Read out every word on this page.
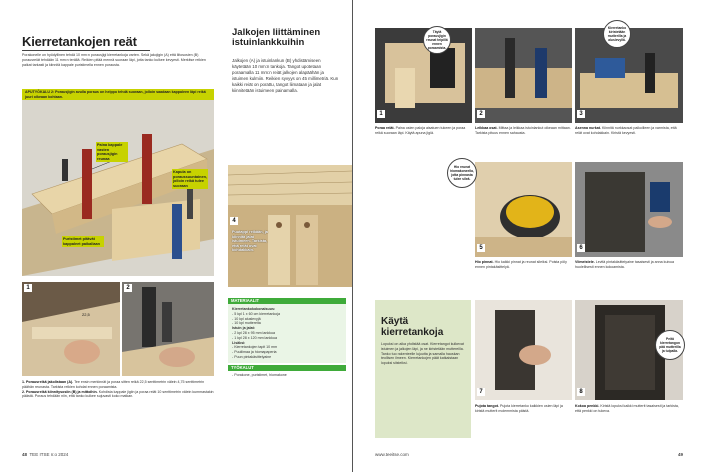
Kierretankojen reät
Porakonelle on hyödyllinen tehdä 10 mm:n porausjigi kierretankoja varten. Sekä jakojigin (A) että liitososien (B) porausreiät tehdään 11 mm:n terällä. Reikien pitää mennä suoraan läpi, jotta tanko kulkee kevyesti. Merkitse reikien paikat tarkasti ja kiinnitä kappale puristimella ennen porausta.
APUTYÖKALU 2: Porausjigin avulla poraus on helppo tehdä suoraan, jolloin saadaan kappaleen läpi reikä juuri oikeaan kohtaan.
Paina kappale vasten porausjigin reunaa
Kapula on poraussuuntainen, jolloin reikä tulee suoraan
Puristimet pitävät kappaleet paikallaan
1
22,5
2
1. Porausreikä jakolistaan (A). Tee ensin merkinnät ja poraa sitten reikä 22,5 senttimetrin välein 4,75 senttimetrin päähän reunasta. Tarkista reikien kohdat ennen poraamista.
2. Porausreikä kiinnitysosiin (B) ja mittoihin. Kohdista kappale jigiin ja poraa reiät 10 senttimetrin välein kummastakin päästä. Poraus tehdään niin, että tanko kulkee sujuvasti koko matkan.
Jalkojen liittäminen istuinlankkuihin
Jalkojen (A) ja istuinlankun (B) yhdistämiseen käytetään 10 mm:n tankoja. Tangot upotetaan poraamalla 11 mm:n reiät jalkojen alapäähän ja istuimen kulmiin. Reikien syvyys on 45 millimetriä. Kun kaikki reiät on porattu, tangot liimataan ja jalat kiinnitetään istuimeen painamalla.
4
Puutappi reikään, ja kiinnitä jalat istuimeen. Tarkista, että reiät ovat kohdakkain.
MATERIAALIT
Kierretankokokonaisuus:
- 5 kpl 1 x 60 cm kierretankoja
- 10 kpl aluslevyjä
- 10 kpl muttereita
Istuin ja jalat:
- 2 kpl 28 x 95 mm lankkua
- 1 kpl 28 x 120 mm lankkua
Lisäksi:
- Kierretankojen tapit 10 mm
- Puuliimaa ja hiomapaperia
- Puun pintakäsittelyaine
TYÖKALUT
- Porakone, puristimet, hiomakone
48 TEE ITSE n:o 2024
1	2	3
Täytä porausjigin reunat teipillä ennen poraamista.
Kierretanko kiristetään mutterilla ja aluslevyllä.
Poraa reiät. Paina osien paloja aisatuen tukeen ja poraa reikä suoraan läpi. Käytä apuna jigiä.
Leikkaa osat. Mittaa ja leikkaa istuinlankut oikeaan mittaan. Tarkista pituus ennen sahausta.
Asenna nurkat. Kiinnitä nurkkaosat paikoilleen ja varmista, että reiät ovat kohdakkain. Kiristä kevyesti.
5	6
Hio reunat hiomakoneella, jotta pinnasta tulee sileä.
Hio pinnat. Hio kaikki pinnat ja reunat sileiksi. Poista pöly ennen pintakäsittelyä.
Viimeistele. Levitä pintakäsittelyaine tasaisesti ja anna kuivua huolellisesti ennen kokoamista.
Käytä kierretankoja
Lopuksi on aika yhdistää osat. Kierretangot kulkevat istuimen ja jalkojen läpi, ja ne kiristetään muttereilla. Tanko tuo rakenteelle lujuutta ja samalla hauskan teollisen ilmeen. Kierretankojen päät katkaistaan lopuksi siisteiksi.
7	8
Peitä kierretangon pää mutterilla ja tulpalla.
Pujota tangot. Pujota kierretanko kaikkien osien läpi ja kiristä mutterit molemmista päistä.
Kokoa penkki. Kiristä lopuksi kaikki mutterit tasaisesti ja tarkista, että penkki on tukeva.
www.teeitse.com	49
